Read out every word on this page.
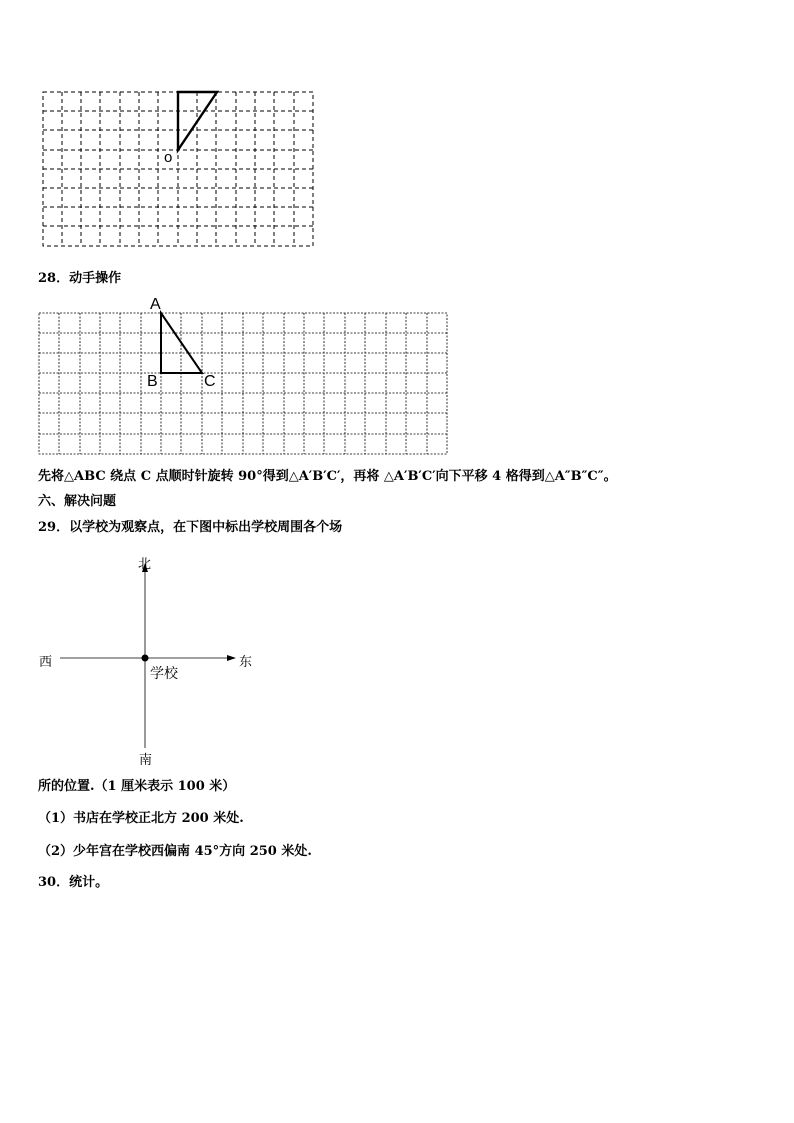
o
28．动手操作
A
B	C
先将△ABC 绕点 C 点顺时针旋转 90°得到△A′B′C′，再将 △A′B′C′向下平移 4 格得到△A″B″C″。
六、解决问题
29．以学校为观察点，在下图中标出学校周围各个场
北
南
西	东
学校
所的位置.（1 厘米表示 100 米）
（1）书店在学校正北方 200 米处.
（2）少年宫在学校西偏南 45°方向 250 米处.
30．统计。
